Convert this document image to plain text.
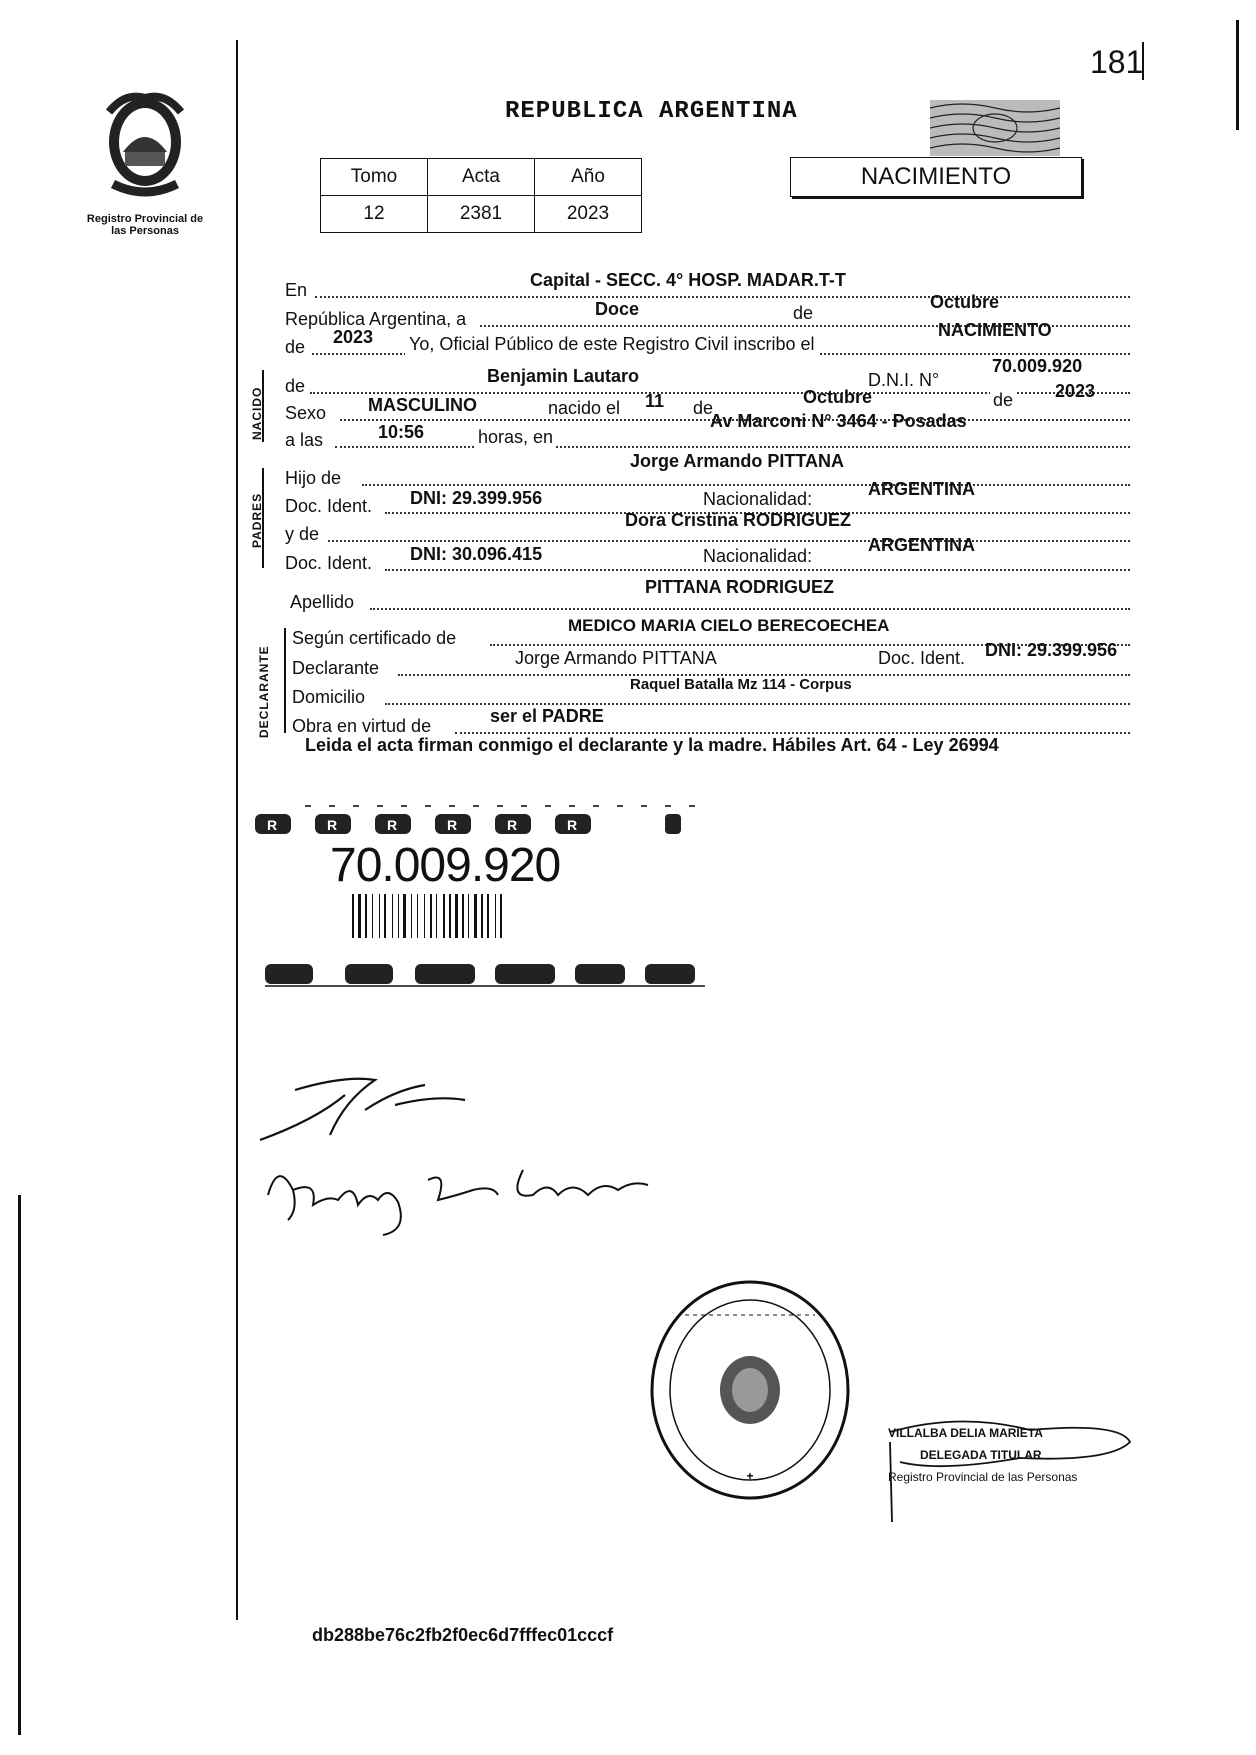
181
Registro Provincial de las Personas
REPUBLICA ARGENTINA
Tomo	Acta	Año
12	2381	2023
NACIMIENTO
En	Capital - SECC. 4° HOSP. MADAR.T-T
República Argentina, a	Doce	de
Octubre
de 2023 Yo, Oficial Público de este Registro Civil inscribo el
NACIMIENTO
NACIDO
de	Benjamin Lautaro	D.N.I. N°
70.009.920
Sexo MASCULINO	nacido el 11 de
Octubre	de 2023
a las	10:56	horas, en
Av Marconi N° 3464 - Posadas
PADRES
Hijo de
Jorge Armando PITTANA
Doc. Ident. DNI: 29.399.956	Nacionalidad:	ARGENTINA
y de
Dora Cristina RODRIGUEZ
Doc. Ident. DNI: 30.096.415	Nacionalidad:
ARGENTINA
Apellido
PITTANA RODRIGUEZ
DECLARANTE
Según certificado de
MEDICO MARIA CIELO BERECOECHEA
Declarante	Jorge Armando PITTANA	Doc. Ident. DNI: 29.399.956
Domicilio
Raquel Batalla Mz 114 - Corpus
Obra en virtud de	ser el PADRE
Leida el acta firman conmigo el declarante y la madre. Hábiles Art. 64 - Ley 26994
R	R	R	R	R	R
70.009.920
+
VILLALBA DELIA MARIETA
DELEGADA TITULAR
Registro Provincial de las Personas
db288be76c2fb2f0ec6d7fffec01cccf
